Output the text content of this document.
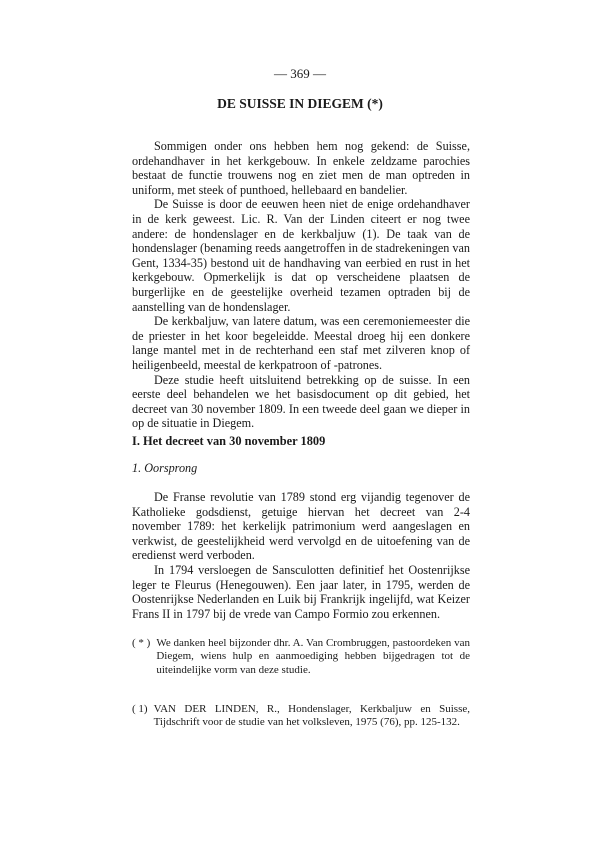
— 369 —
DE SUISSE IN DIEGEM (*)

Sommigen onder ons hebben hem nog gekend: de Suisse, ordehandhaver in het kerkgebouw. In enkele zeldzame parochies bestaat de functie trouwens nog en ziet men de man optreden in uniform, met steek of punthoed, hellebaard en bandelier.

De Suisse is door de eeuwen heen niet de enige ordehandhaver in de kerk geweest. Lic. R. Van der Linden citeert er nog twee andere: de hondenslager en de kerkbaljuw (1). De taak van de hondenslager (benaming reeds aangetroffen in de stadrekeningen van Gent, 1334-35) bestond uit de handhaving van eerbied en rust in het kerkgebouw. Opmerkelijk is dat op verscheidene plaatsen de burgerlijke en de geestelijke overheid tezamen optraden bij de aanstelling van de hondenslager.

De kerkbaljuw, van latere datum, was een ceremoniemeester die de priester in het koor begeleidde. Meestal droeg hij een donkere lange mantel met in de rechterhand een staf met zilveren knop of heiligenbeeld, meestal de kerkpatroon of -patrones.

Deze studie heeft uitsluitend betrekking op de suisse. In een eerste deel behandelen we het basisdocument op dit gebied, het decreet van 30 november 1809. In een tweede deel gaan we dieper in op de situatie in Diegem.

I. Het decreet van 30 november 1809
1. Oorsprong

De Franse revolutie van 1789 stond erg vijandig tegenover de Katholieke godsdienst, getuige hiervan het decreet van 2-4 november 1789: het kerkelijk patrimonium werd aangeslagen en verkwist, de geestelijkheid werd vervolgd en de uitoefening van de eredienst werd verboden.

In 1794 versloegen de Sansculotten definitief het Oostenrijkse leger te Fleurus (Henegouwen). Een jaar later, in 1795, werden de Oostenrijkse Nederlanden en Luik bij Frankrijk ingelijfd, wat Keizer Frans II in 1797 bij de vrede van Campo Formio zou erkennen.

( * ) We danken heel bijzonder dhr. A. Van Crombruggen, pastoordeken van Diegem, wiens hulp en aanmoediging hebben bijgedragen tot de uiteindelijke vorm van deze studie.
( 1) VAN DER LINDEN, R., Hondenslager, Kerkbaljuw en Suisse, Tijdschrift voor de studie van het volksleven, 1975 (76), pp. 125-132.
